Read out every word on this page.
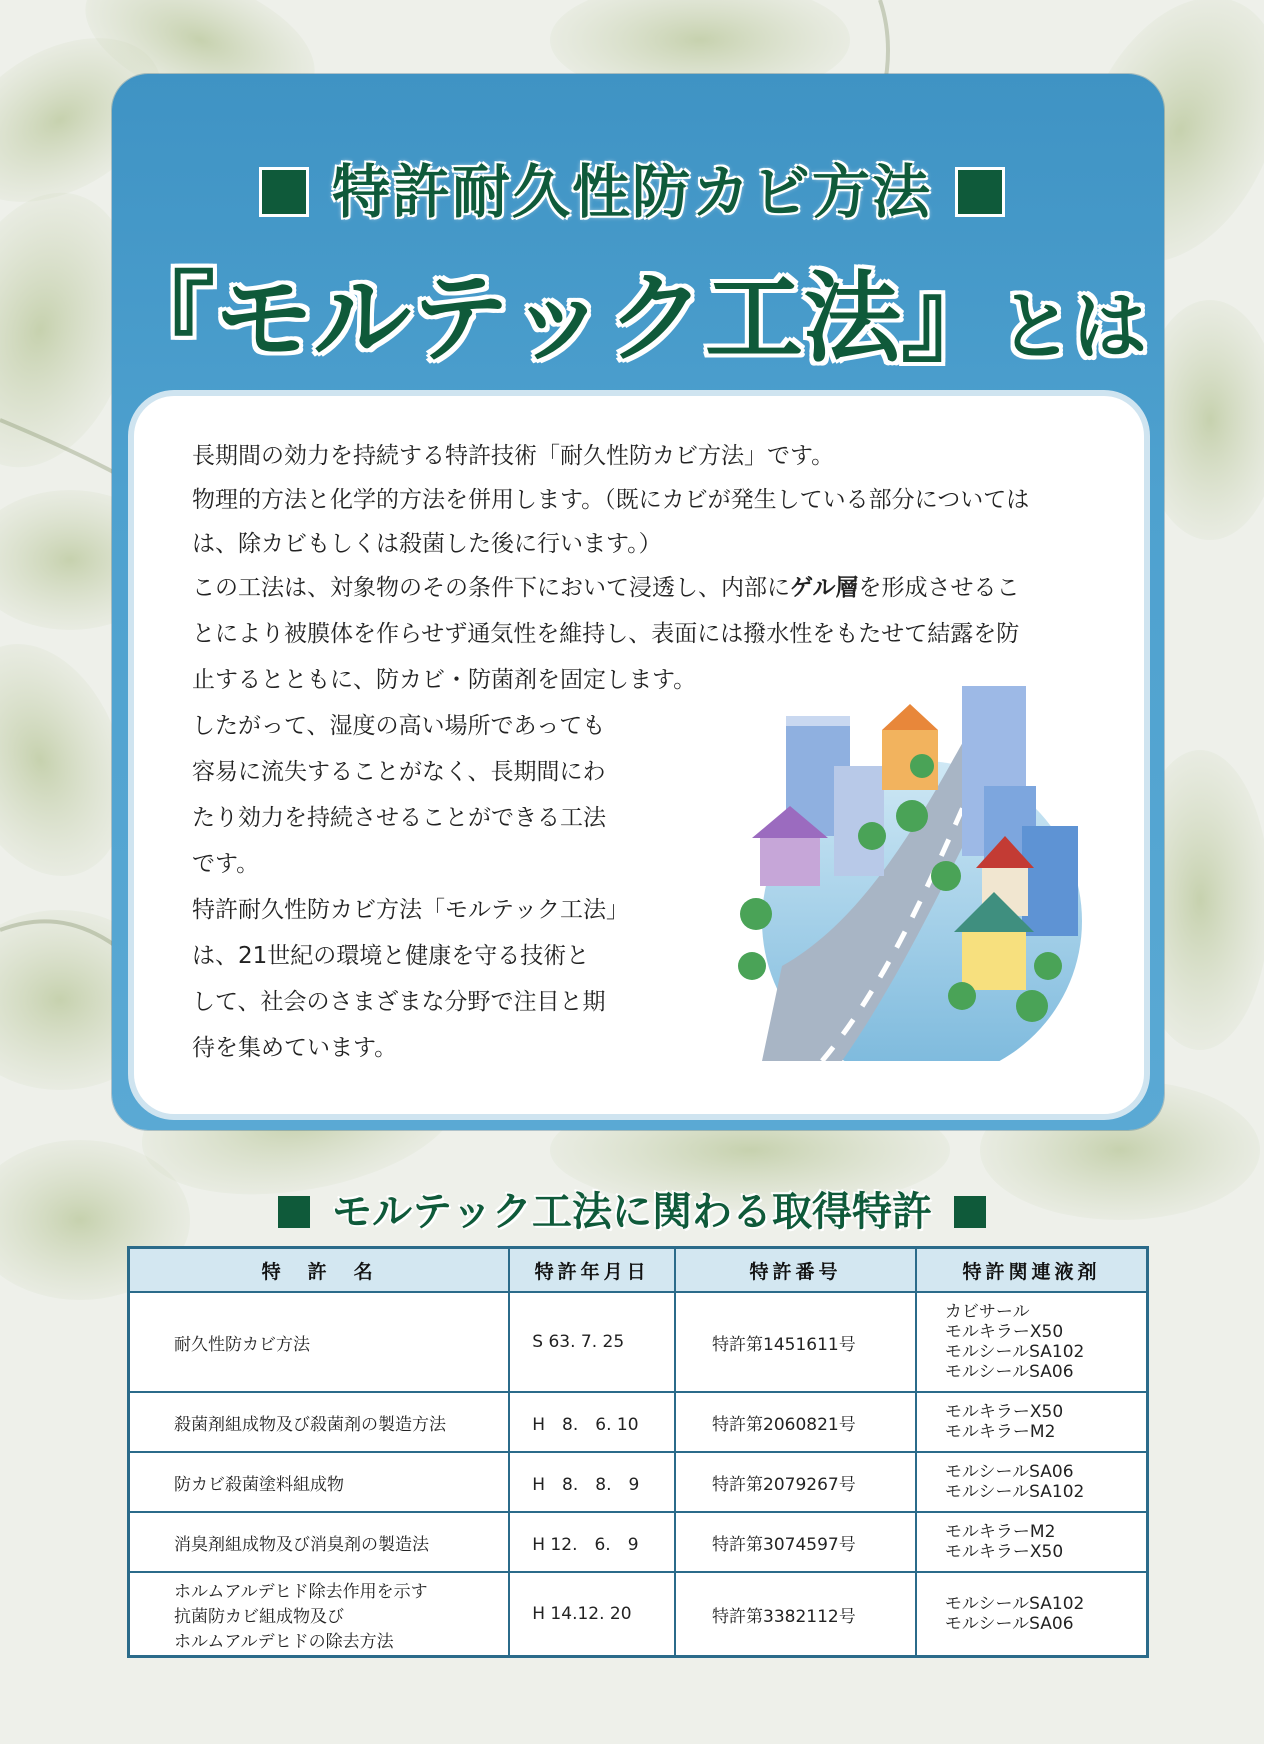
特許耐久性防カビ方法
『モルテック工法』とは

長期間の効力を持続する特許技術「耐久性防カビ方法」です。

物理的方法と化学的方法を併用します。（既にカビが発生している部分については

は、除カビもしくは殺菌した後に行います。）

この工法は、対象物のその条件下において浸透し、内部にゲル層を形成させるこ

とにより被膜体を作らせず通気性を維持し、表面には撥水性をもたせて結露を防

止するとともに、防カビ・防菌剤を固定します。

したがって、湿度の高い場所であっても

容易に流失することがなく、長期間にわ

たり効力を持続させることができる工法

です。

特許耐久性防カビ方法「モルテック工法」

は、21世紀の環境と健康を守る技術と

して、社会のさまざまな分野で注目と期

待を集めています。

モルテック工法に関わる取得特許
特　許　名	特許年月日	特許番号	特許関連液剤

耐久性防カビ方法	S 63. 7. 25	特許第1451611号	カビサール
モルキラーX50
モルシールSA102
モルシールSA06

殺菌剤組成物及び殺菌剤の製造方法	H　8.　6. 10	特許第2060821号	モルキラーX50
モルキラーM2

防カビ殺菌塗料組成物	H　8.　8.　9	特許第2079267号	モルシールSA06
モルシールSA102

消臭剤組成物及び消臭剤の製造法	H 12.　6.　9	特許第3074597号	モルキラーM2
モルキラーX50

ホルムアルデヒド除去作用を示す
抗菌防カビ組成物及び
ホルムアルデヒドの除去方法	H 14.12. 20	特許第3382112号	モルシールSA102
モルシールSA06
